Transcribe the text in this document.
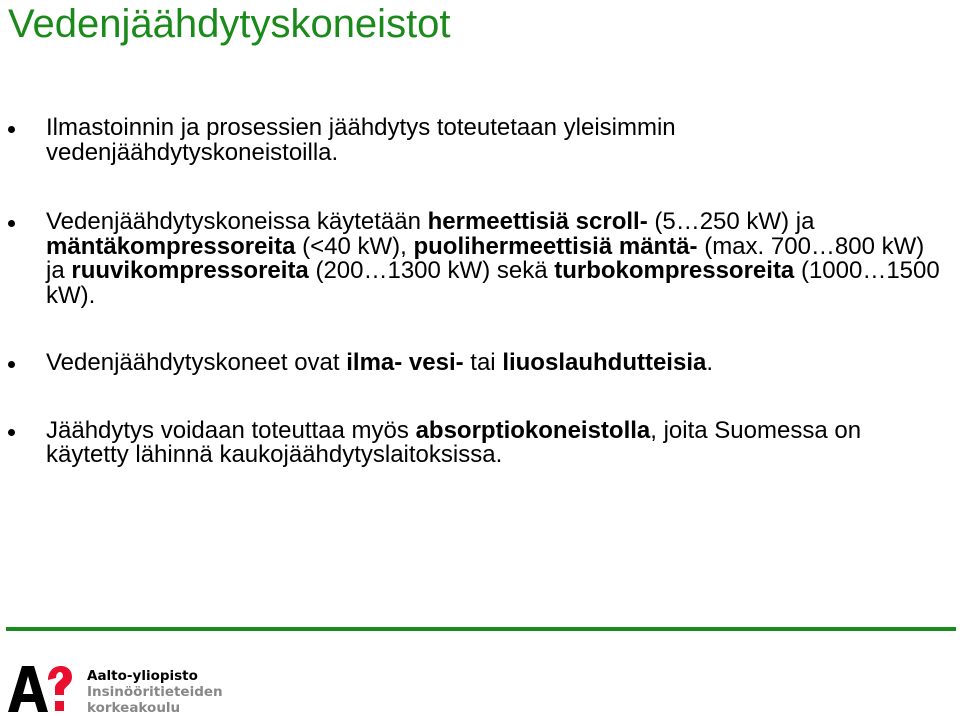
Vedenjäähdytyskoneistot
Ilmastoinnin ja prosessien jäähdytys toteutetaan yleisimmin vedenjäähdytyskoneistoilla.
Vedenjäähdytyskoneissa käytetään hermeettisiä scroll- (5…250 kW) ja mäntäkompressoreita (<40 kW), puolihermeettisiä mäntä- (max. 700…800 kW) ja ruuvikompressoreita (200…1300 kW) sekä turbokompressoreita (1000…1500 kW).
Vedenjäähdytyskoneet ovat ilma- vesi- tai liuoslauhdutteisia.
Jäähdytys voidaan toteuttaa myös absorptiokoneistolla, joita Suomessa on käytetty lähinnä kaukojäähdytyslaitoksissa.
Aalto-yliopisto
Insinööritieteiden
korkeakoulu
